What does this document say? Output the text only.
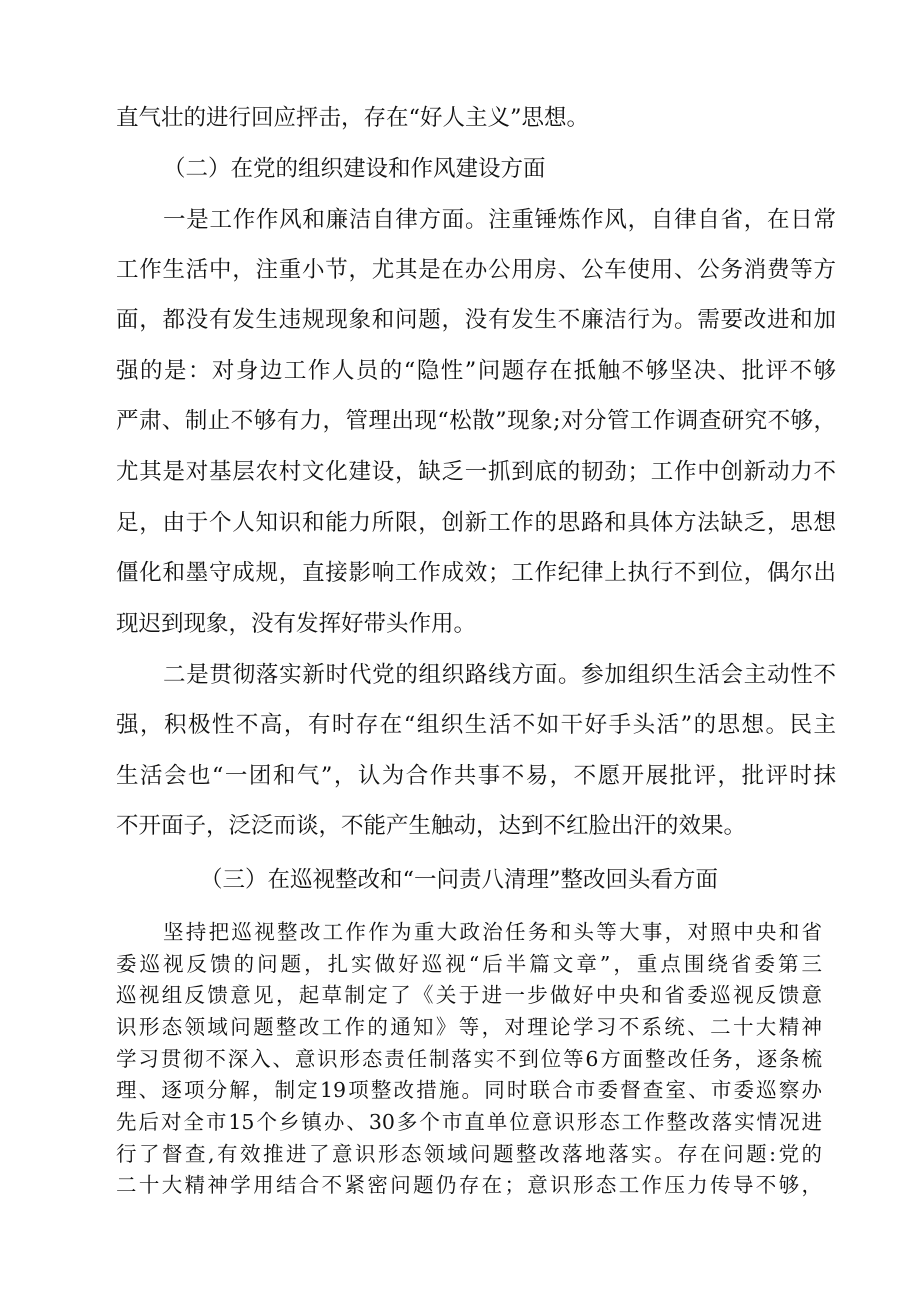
直气壮的进行回应抨击，存在“好人主义”思想。
（二）在党的组织建设和作风建设方面
一是工作作风和廉洁自律方面。注重锤炼作风，自律自省，在日常
工作生活中，注重小节，尤其是在办公用房、公车使用、公务消费等方
面，都没有发生违规现象和问题，没有发生不廉洁行为。需要改进和加
强的是：对身边工作人员的“隐性”问题存在抵触不够坚决、批评不够
严肃、制止不够有力，管理出现“松散”现象;对分管工作调查研究不够，
尤其是对基层农村文化建设，缺乏一抓到底的韧劲；工作中创新动力不
足，由于个人知识和能力所限，创新工作的思路和具体方法缺乏，思想
僵化和墨守成规，直接影响工作成效；工作纪律上执行不到位，偶尔出
现迟到现象，没有发挥好带头作用。
二是贯彻落实新时代党的组织路线方面。参加组织生活会主动性不
强，积极性不高，有时存在“组织生活不如干好手头活”的思想。民主
生活会也“一团和气”，认为合作共事不易，不愿开展批评，批评时抹
不开面子，泛泛而谈，不能产生触动，达到不红脸出汗的效果。
（三）在巡视整改和“一问责八清理”整改回头看方面
坚持把巡视整改工作作为重大政治任务和头等大事，对照中央和省
委巡视反馈的问题，扎实做好巡视“后半篇文章”，重点围绕省委第三
巡视组反馈意见，起草制定了《关于进一步做好中央和省委巡视反馈意
识形态领域问题整改工作的通知》等，对理论学习不系统、二十大精神
学习贯彻不深入、意识形态责任制落实不到位等6方面整改任务，逐条梳
理、逐项分解，制定19项整改措施。同时联合市委督查室、市委巡察办
先后对全市15个乡镇办、30多个市直单位意识形态工作整改落实情况进
行了督查,有效推进了意识形态领域问题整改落地落实。存在问题:党的
二十大精神学用结合不紧密问题仍存在；意识形态工作压力传导不够，
